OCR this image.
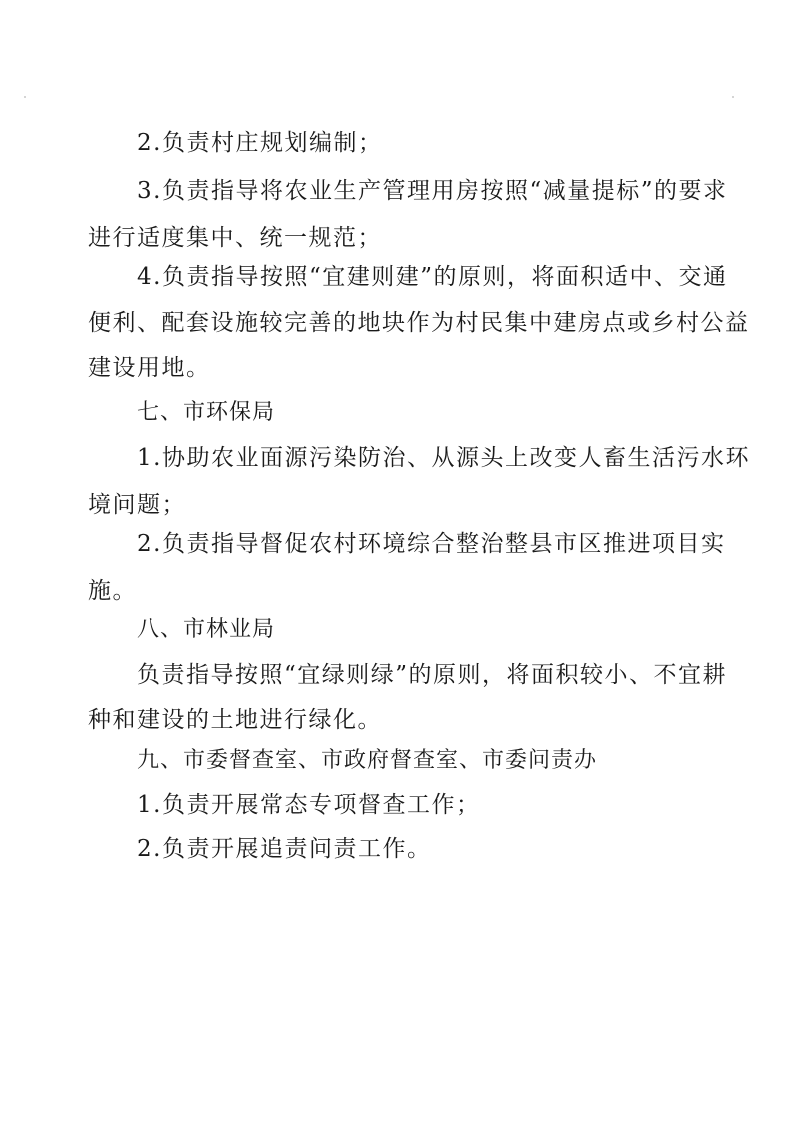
2.负责村庄规划编制；
3.负责指导将农业生产管理用房按照“减量提标”的要求
进行适度集中、统一规范；
4.负责指导按照“宜建则建”的原则，将面积适中、交通
便利、配套设施较完善的地块作为村民集中建房点或乡村公益
建设用地。
七、市环保局
1.协助农业面源污染防治、从源头上改变人畜生活污水环
境问题；
2.负责指导督促农村环境综合整治整县市区推进项目实
施。
八、市林业局
负责指导按照“宜绿则绿”的原则，将面积较小、不宜耕
种和建设的土地进行绿化。
九、市委督查室、市政府督查室、市委问责办
1.负责开展常态专项督查工作；
2.负责开展追责问责工作。
